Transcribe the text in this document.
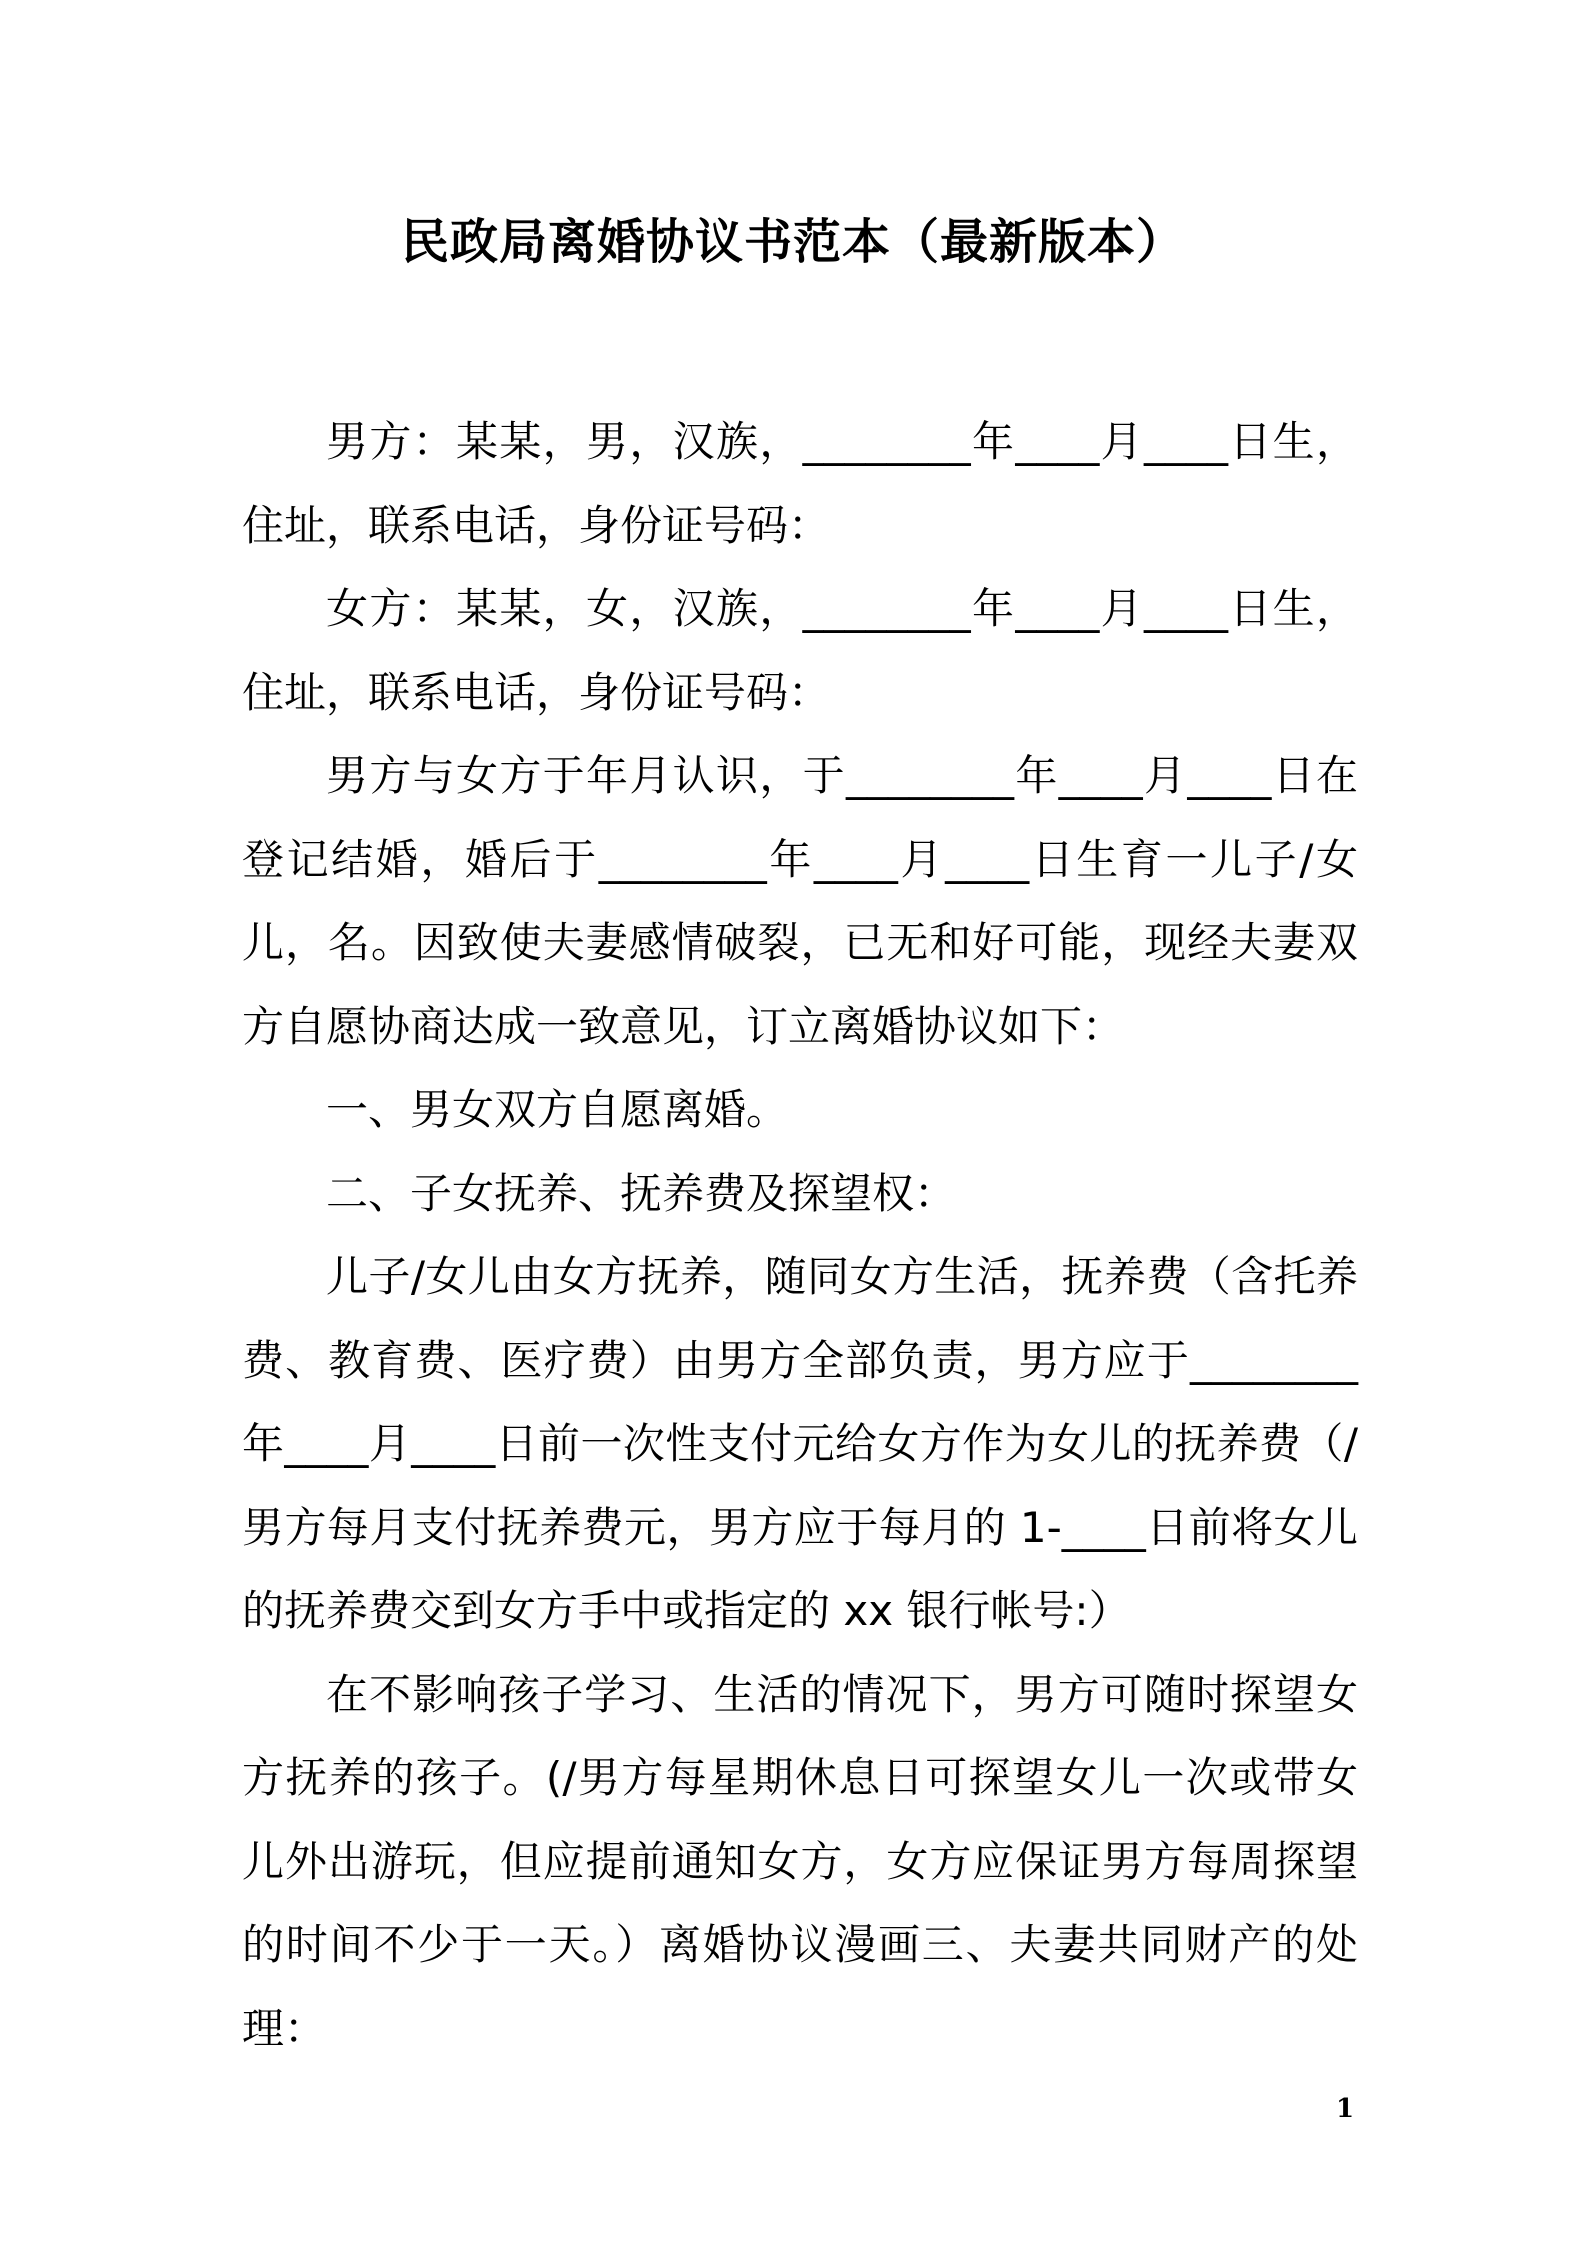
民政局离婚协议书范本（最新版本）

男方：某某，男，汉族，________年____月____日生，住址，联系电话，身份证号码：

女方：某某，女，汉族，________年____月____日生，住址，联系电话，身份证号码：

男方与女方于年月认识，于________年____月____日在登记结婚，婚后于________年____月____日生育一儿子/女儿，名。因致使夫妻感情破裂，已无和好可能，现经夫妻双方自愿协商达成一致意见，订立离婚协议如下：

一、男女双方自愿离婚。

二、子女抚养、抚养费及探望权：

儿子/女儿由女方抚养，随同女方生活，抚养费（含托养费、教育费、医疗费）由男方全部负责，男方应于________年____月____日前一次性支付元给女方作为女儿的抚养费（/男方每月支付抚养费元，男方应于每月的 1-____日前将女儿的抚养费交到女方手中或指定的 xx 银行帐号:）

在不影响孩子学习、生活的情况下，男方可随时探望女方抚养的孩子。(/男方每星期休息日可探望女儿一次或带女儿外出游玩，但应提前通知女方，女方应保证男方每周探望的时间不少于一天。）离婚协议漫画三、夫妻共同财产的处理：

1
